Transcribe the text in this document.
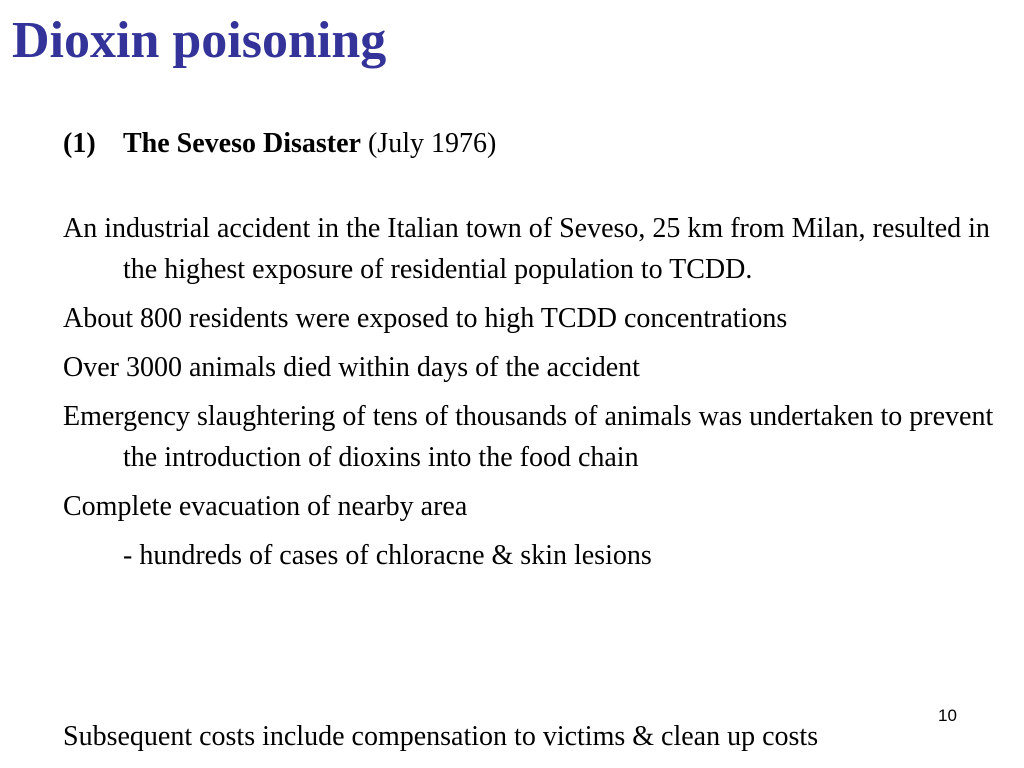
Dioxin poisoning
(1) The Seveso Disaster (July 1976)

An industrial accident in the Italian town of Seveso, 25 km from Milan, resulted in the highest exposure of residential population to TCDD.

About 800 residents were exposed to high TCDD concentrations

Over 3000 animals died within days of the accident

Emergency slaughtering of tens of thousands of animals was undertaken to prevent the introduction of dioxins into the food chain

Complete evacuation of nearby area

- hundreds of cases of chloracne & skin lesions

10
Subsequent costs include compensation to victims & clean up costs
